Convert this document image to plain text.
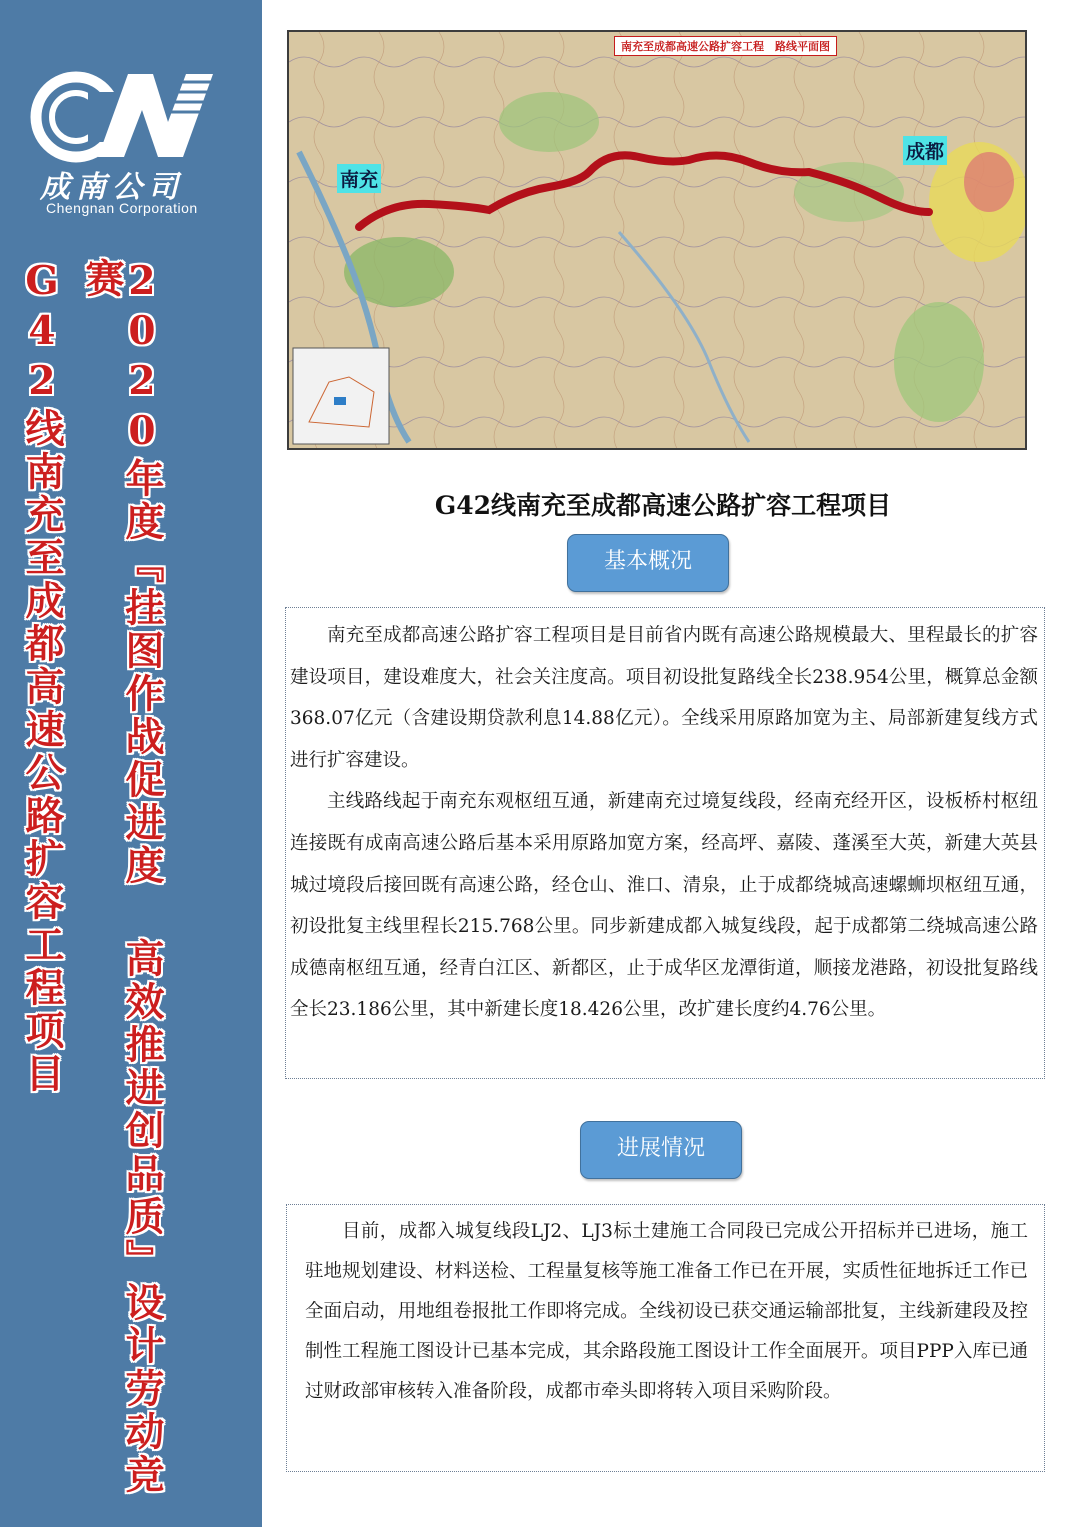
成南公司
Chengnan Corporation
2020年度『挂图作战促进度 高效推进创品质』设计劳动竞赛
G42线南充至成都高速公路扩容工程项目
南充至成都高速公路扩容工程　路线平面图
南充
成都
G42线南充至成都高速公路扩容工程项目
基本概况

南充至成都高速公路扩容工程项目是目前省内既有高速公路规模最大、里程最长的扩容建设项目，建设难度大，社会关注度高。项目初设批复路线全长238.954公里，概算总金额368.07亿元（含建设期贷款利息14.88亿元）。全线采用原路加宽为主、局部新建复线方式进行扩容建设。

主线路线起于南充东观枢纽互通，新建南充过境复线段，经南充经开区，设板桥村枢纽连接既有成南高速公路后基本采用原路加宽方案，经高坪、嘉陵、蓬溪至大英，新建大英县城过境段后接回既有高速公路，经仓山、淮口、清泉，止于成都绕城高速螺蛳坝枢纽互通，初设批复主线里程长215.768公里。同步新建成都入城复线段，起于成都第二绕城高速公路成德南枢纽互通，经青白江区、新都区，止于成华区龙潭街道，顺接龙港路，初设批复路线全长23.186公里，其中新建长度18.426公里，改扩建长度约4.76公里。

进展情况

目前，成都入城复线段LJ2、LJ3标土建施工合同段已完成公开招标并已进场，施工驻地规划建设、材料送检、工程量复核等施工准备工作已在开展，实质性征地拆迁工作已全面启动，用地组卷报批工作即将完成。全线初设已获交通运输部批复，主线新建段及控制性工程施工图设计已基本完成，其余路段施工图设计工作全面展开。项目PPP入库已通过财政部审核转入准备阶段，成都市牵头即将转入项目采购阶段。
